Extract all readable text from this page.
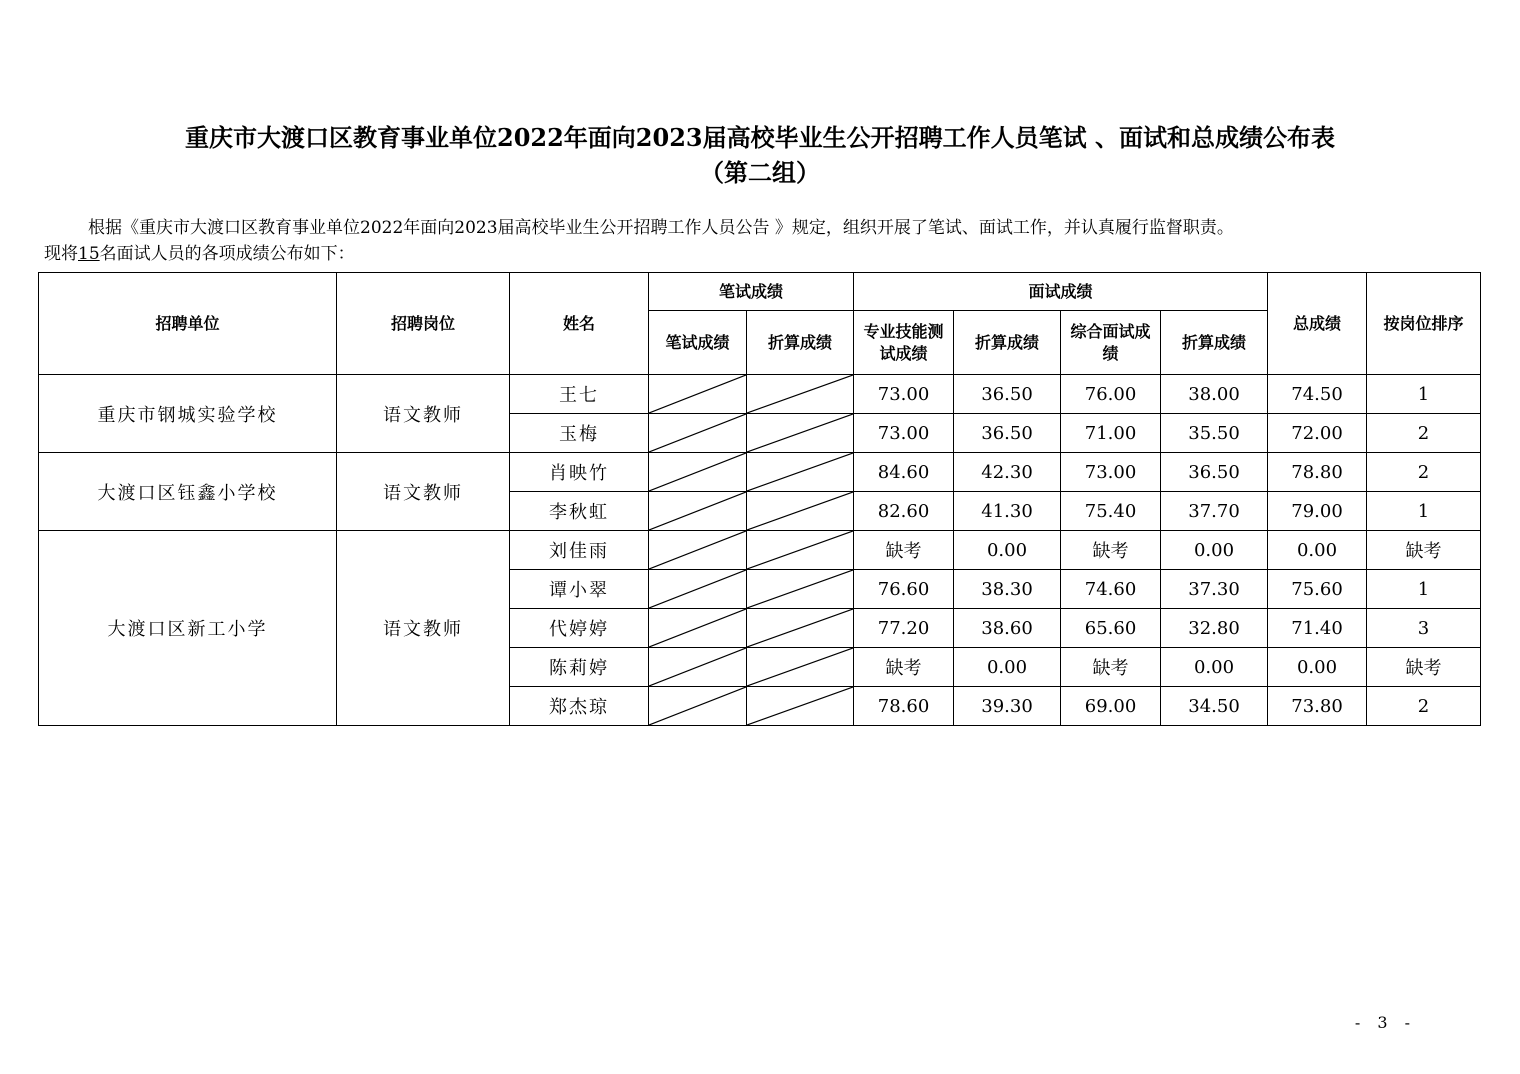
重庆市大渡口区教育事业单位2022年面向2023届高校毕业生公开招聘工作人员笔试 、面试和总成绩公布表
（第二组）
根据《重庆市大渡口区教育事业单位2022年面向2023届高校毕业生公开招聘工作人员公告 》规定，组织开展了笔试、面试工作，并认真履行监督职责。
现将15名面试人员的各项成绩公布如下：
招聘单位	招聘岗位	姓名	笔试成绩		面试成绩				总成绩	按岗位排序
			笔试成绩	折算成绩	专业技能测试成绩	折算成绩	综合面试成绩	折算成绩		
重庆市钢城实验学校	语文教师	王七			73.00	36.50	76.00	38.00	74.50	1
		玉梅			73.00	36.50	71.00	35.50	72.00	2
大渡口区钰鑫小学校	语文教师	肖映竹			84.60	42.30	73.00	36.50	78.80	2
		李秋虹			82.60	41.30	75.40	37.70	79.00	1
大渡口区新工小学	语文教师	刘佳雨			缺考	0.00	缺考	0.00	0.00	缺考
		谭小翠			76.60	38.30	74.60	37.30	75.60	1
		代婷婷			77.20	38.60	65.60	32.80	71.40	3
		陈莉婷			缺考	0.00	缺考	0.00	0.00	缺考
		郑杰琼			78.60	39.30	69.00	34.50	73.80	2
- 3 -
